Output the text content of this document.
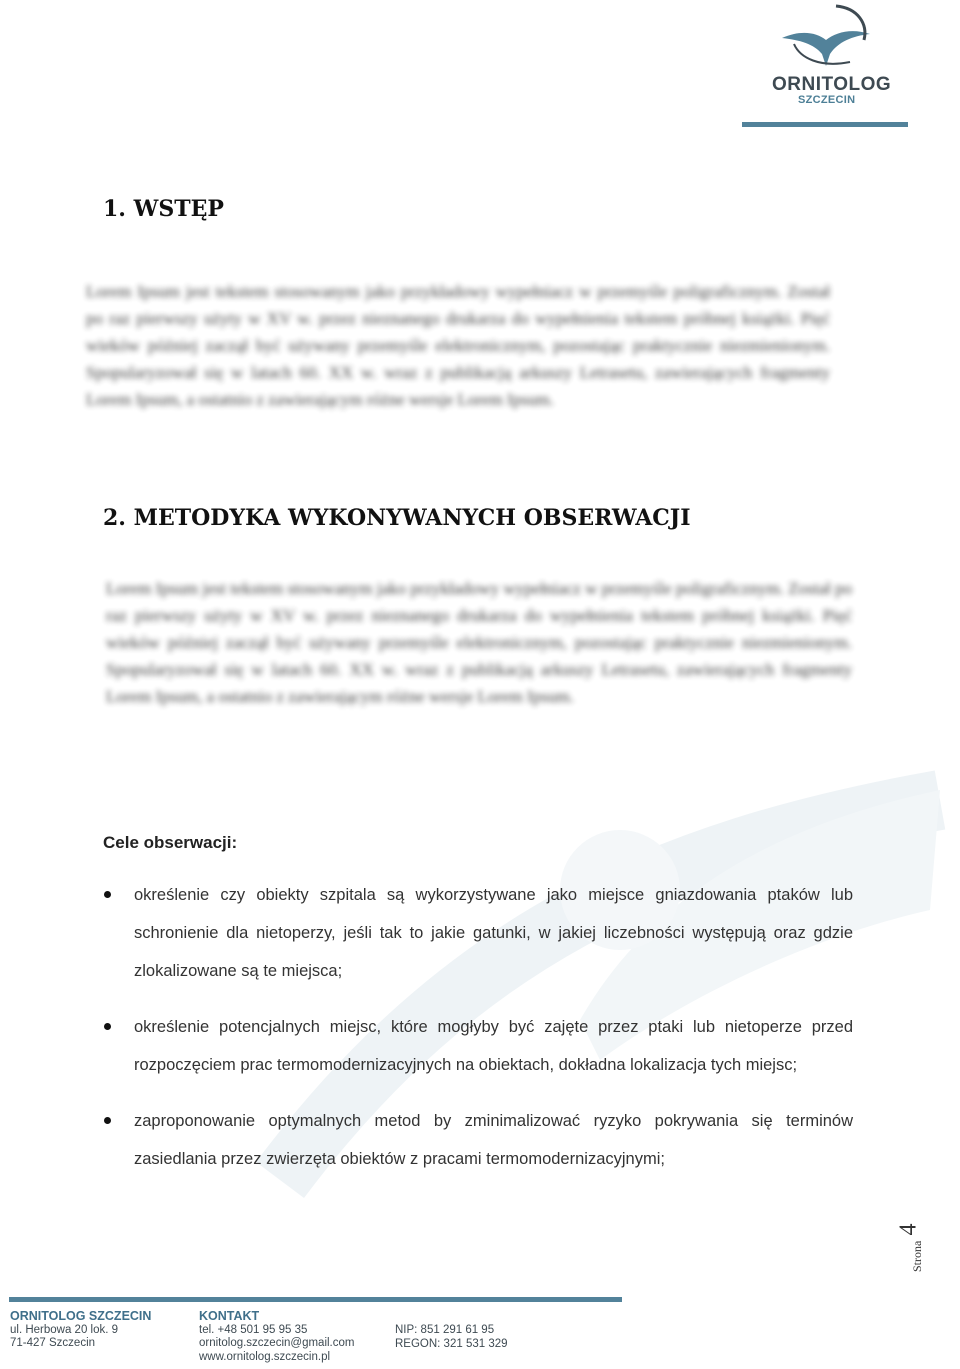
ORNITOLOG
SZCZECIN
1. WSTĘP
Lorem Ipsum jest tekstem stosowanym jako przykładowy wypełniacz w przemyśle poligraficznym. Został po raz pierwszy użyty w XV w. przez nieznanego drukarza do wypełnienia tekstem próbnej książki. Pięć wieków później zaczął być używany przemyśle elektronicznym, pozostając praktycznie niezmienionym. Spopularyzował się w latach 60. XX w. wraz z publikacją arkuszy Letrasetu, zawierających fragmenty Lorem Ipsum, a ostatnio z zawierającym różne wersje Lorem Ipsum.
2. METODYKA WYKONYWANYCH OBSERWACJI
Lorem Ipsum jest tekstem stosowanym jako przykładowy wypełniacz w przemyśle poligraficznym. Został po raz pierwszy użyty w XV w. przez nieznanego drukarza do wypełnienia tekstem próbnej książki. Pięć wieków później zaczął być używany przemyśle elektronicznym, pozostając praktycznie niezmienionym. Spopularyzował się w latach 60. XX w. wraz z publikacją arkuszy Letrasetu, zawierających fragmenty Lorem Ipsum, a ostatnio z zawierającym różne wersje Lorem Ipsum.
Cele obserwacji:
określenie czy obiekty szpitala są wykorzystywane jako miejsce gniazdowania ptaków lub schronienie dla nietoperzy, jeśli tak to jakie gatunki, w jakiej liczebności występują oraz gdzie zlokalizowane są te miejsca;
określenie potencjalnych miejsc, które mogłyby być zajęte przez ptaki lub nietoperze przed rozpoczęciem prac termomodernizacyjnych na obiektach, dokładna lokalizacja tych miejsc;
zaproponowanie optymalnych metod by zminimalizować ryzyko pokrywania się terminów zasiedlania przez zwierzęta obiektów z pracami termomodernizacyjnymi;
Strona
4
ORNITOLOG SZCZECIN
ul. Herbowa 20 lok. 9
71-427 Szczecin
KONTAKT
tel. +48 501 95 95 35
ornitolog.szczecin@gmail.com
www.ornitolog.szczecin.pl
NIP: 851 291 61 95
REGON: 321 531 329
